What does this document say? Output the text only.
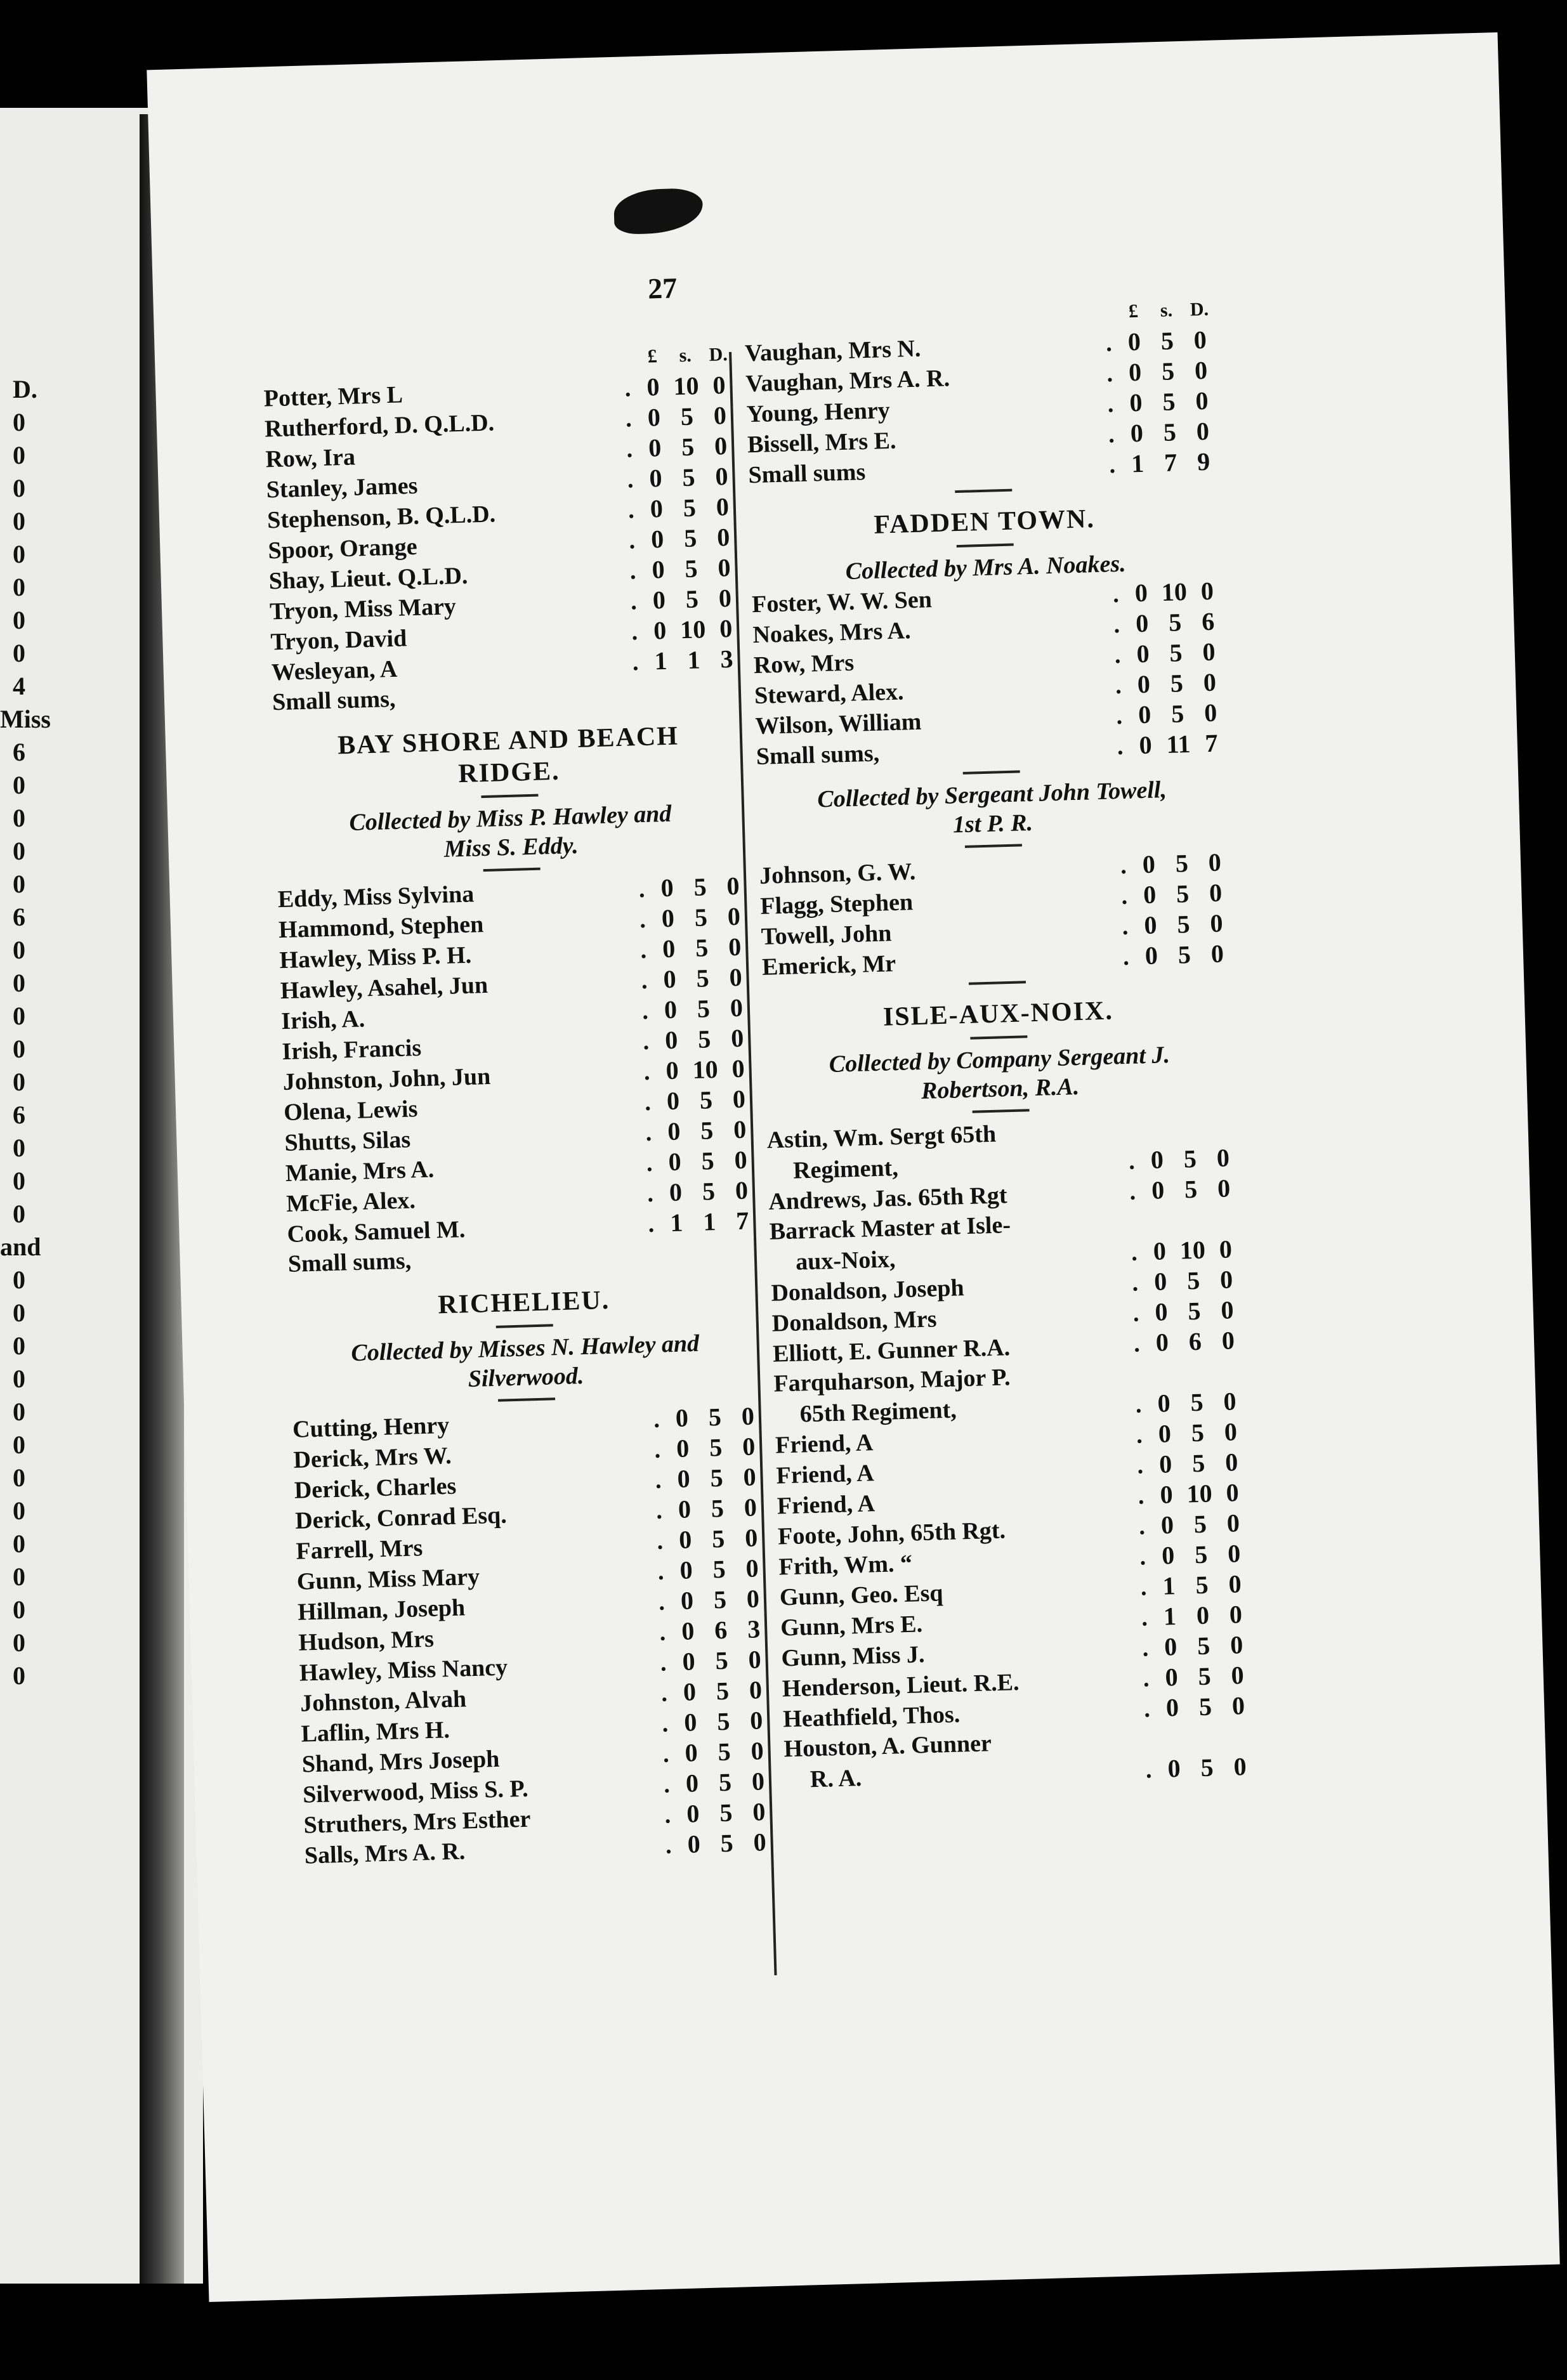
D.
0
0
0
0
0
0
0
0
4
Miss
6
0
0
0
0
6
0
0
0
0
0
6
0
0
0
and
0
0
0
0
0
0
0
0
0
0
0
0
0
27
£	s. D.
Potter, Mrs L	. 0 10 0
Rutherford, D. Q.L.D.	. 0 5 0
Row, Ira	. 0 5 0
Stanley, James	. 0 5 0
Stephenson, B. Q.L.D.	. 0 5 0
Spoor, Orange	. 0 5 0
Shay, Lieut. Q.L.D.	. 0 5 0
Tryon, Miss Mary	. 0 5 0
Tryon, David	. 0 10 0
Wesleyan, A	. 1 1 3
Small sums,
BAY SHORE AND BEACH
RIDGE.
Collected by Miss P. Hawley and
Miss S. Eddy.
Eddy, Miss Sylvina	. 0 5 0
Hammond, Stephen	. 0 5 0
Hawley, Miss P. H.	. 0 5 0
Hawley, Asahel, Jun	. 0 5 0
Irish, A.	. 0 5 0
Irish, Francis	. 0 5 0
Johnston, John, Jun	. 0 10 0
Olena, Lewis	. 0 5 0
Shutts, Silas	. 0 5 0
Manie, Mrs A.	. 0 5 0
McFie, Alex.	. 0 5 0
Cook, Samuel M.	. 1 1 7
Small sums,
RICHELIEU.
Collected by Misses N. Hawley and
Silverwood.
Cutting, Henry	. 0 5 0
Derick, Mrs W.	. 0 5 0
Derick, Charles	. 0 5 0
Derick, Conrad Esq.	. 0 5 0
Farrell, Mrs	. 0 5 0
Gunn, Miss Mary	. 0 5 0
Hillman, Joseph	. 0 5 0
Hudson, Mrs	. 0 6 3
Hawley, Miss Nancy	. 0 5 0
Johnston, Alvah	. 0 5 0
Laflin, Mrs H.	. 0 5 0
Shand, Mrs Joseph	. 0 5 0
Silverwood, Miss S. P.	. 0 5 0
Struthers, Mrs Esther	. 0 5 0
Salls, Mrs A. R.	. 0 5 0
£	s. D.
Vaughan, Mrs N.	. 0 5 0
Vaughan, Mrs A. R.	. 0 5 0
Young, Henry	. 0 5 0
Bissell, Mrs E.	. 0 5 0
Small sums	. 1 7 9
FADDEN TOWN.
Collected by Mrs A. Noakes.
Foster, W. W. Sen	. 0 10 0
Noakes, Mrs A.	. 0 5 6
Row, Mrs	. 0 5 0
Steward, Alex.	. 0 5 0
Wilson, William	. 0 5 0
Small sums,	. 0 11 7
Collected by Sergeant John Towell,
1st P. R.
Johnson, G. W.	. 0 5 0
Flagg, Stephen	. 0 5 0
Towell, John	. 0 5 0
Emerick, Mr	. 0 5 0
ISLE-AUX-NOIX.
Collected by Company Sergeant J.
Robertson, R.A.
Astin, Wm. Sergt 65th
Regiment,	. 0 5 0
Andrews, Jas. 65th Rgt	. 0 5 0
Barrack Master at Isle-
aux-Noix,	. 0 10 0
Donaldson, Joseph	. 0 5 0
Donaldson, Mrs	. 0 5 0
Elliott, E. Gunner R.A.	. 0 6 0
Farquharson, Major P.
65th Regiment,	. 0 5 0
Friend, A	. 0 5 0
Friend, A	. 0 5 0
Friend, A	. 0 10 0
Foote, John, 65th Rgt.	. 0 5 0
Frith, Wm. “	. 0 5 0
Gunn, Geo. Esq	. 1 5 0
Gunn, Mrs E.	. 1 0 0
Gunn, Miss J.	. 0 5 0
Henderson, Lieut. R.E.	. 0 5 0
Heathfield, Thos.	. 0 5 0
Houston, A. Gunner
R. A.	. 0 5 0
